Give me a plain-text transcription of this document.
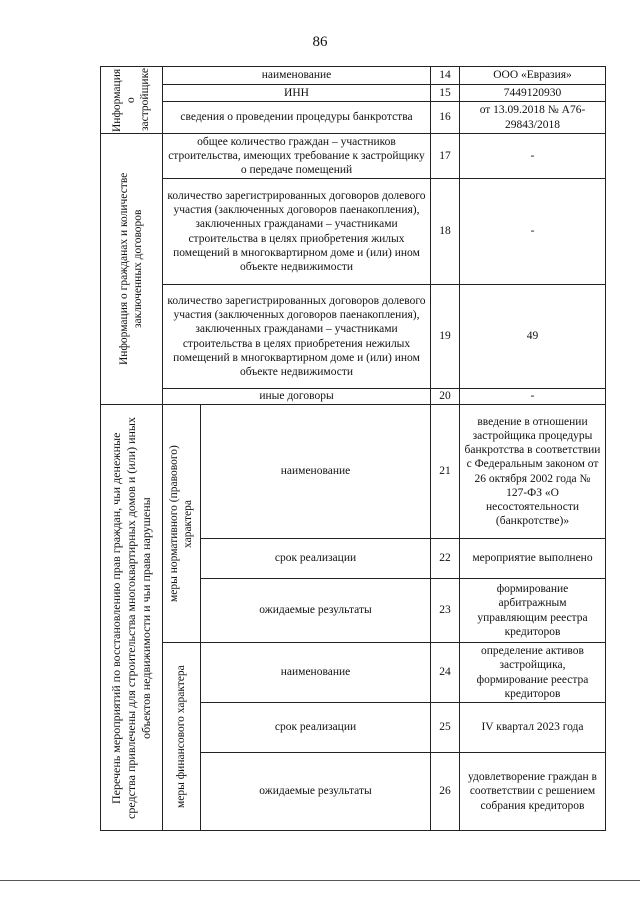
86
Информация о застройщике	наименование		14	ООО «Евразия»
	ИНН		15	7449120930
	сведения о проведении процедуры банкротства		16	от 13.09.2018 № А76-29843/2018

Информация о гражданах и количестве заключенных договоров	общее количество граждан – участников строительства, имеющих требование к застройщику о передаче помещений		17	-
	количество зарегистрированных договоров долевого участия (заключенных договоров паенакопления), заключенных гражданами – участниками строительства в целях приобретения жилых помещений в многоквартирном доме и (или) ином объекте недвижимости		18	-
	количество зарегистрированных договоров долевого участия (заключенных договоров паенакопления), заключенных гражданами – участниками строительства в целях приобретения нежилых помещений в многоквартирном доме и (или) ином объекте недвижимости		19	49
	иные договоры		20	-

Перечень мероприятий по восстановлению прав граждан, чьи денежные средства привлечены для строительства многоквартирных домов и (или) иных объектов недвижимости и чьи права нарушены	меры нормативного (правового) характера	наименование	21	введение в отношении застройщика процедуры банкротства в соответствии с Федеральным законом от 26 октября 2002 года № 127-ФЗ «О несостоятельности (банкротстве)»
		срок реализации	22	мероприятие выполнено
		ожидаемые результаты	23	формирование арбитражным управляющим реестра кредиторов

	меры финансового характера	наименование	24	определение активов застройщика, формирование реестра кредиторов
		срок реализации	25	IV квартал 2023 года
		ожидаемые результаты	26	удовлетворение граждан в соответствии с решением собрания кредиторов
